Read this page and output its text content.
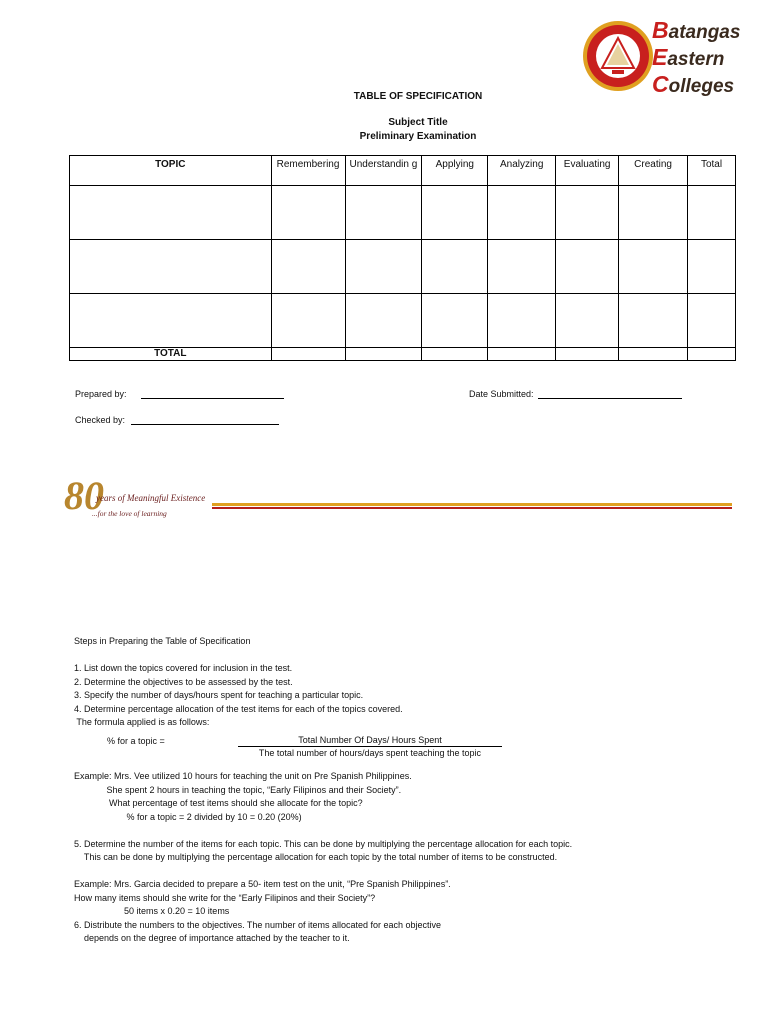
Batangas
Eastern
Colleges
TABLE OF SPECIFICATION
Subject Title
Preliminary Examination
TOPIC	Remembering	Understandin g	Applying	Analyzing	Evaluating	Creating	Total

TOTAL							
Prepared by:	Date Submitted:
Checked by:
80
years of Meaningful Existence
...for the love of learning

Steps in Preparing the Table of Specification

1. List down the topics covered for inclusion in the test.

2. Determine the objectives to be assessed by the test.

3. Specify the number of days/hours spent for teaching a particular topic.

4. Determine percentage allocation of the test items for each of the topics covered.

The formula applied is as follows:

% for a topic =	Total Number Of Days/ Hours Spent
The total number of hours/days spent teaching the topic

Example: Mrs. Vee utilized 10 hours for teaching the unit on Pre Spanish Philippines.

She spent 2 hours in teaching the topic, “Early Filipinos and their Society”.

What percentage of test items should she allocate for the topic?

% for a topic = 2 divided by 10 = 0.20 (20%)

5. Determine the number of the items for each topic. This can be done by multiplying the percentage allocation for each topic.

This can be done by multiplying the percentage allocation for each topic by the total number of items to be constructed.

Example: Mrs. Garcia decided to prepare a 50- item test on the unit, “Pre Spanish Philippines”.

How many items should she write for the “Early Filipinos and their Society”?

50 items x 0.20 = 10 items

6. Distribute the numbers to the objectives. The number of items allocated for each objective

depends on the degree of importance attached by the teacher to it.
